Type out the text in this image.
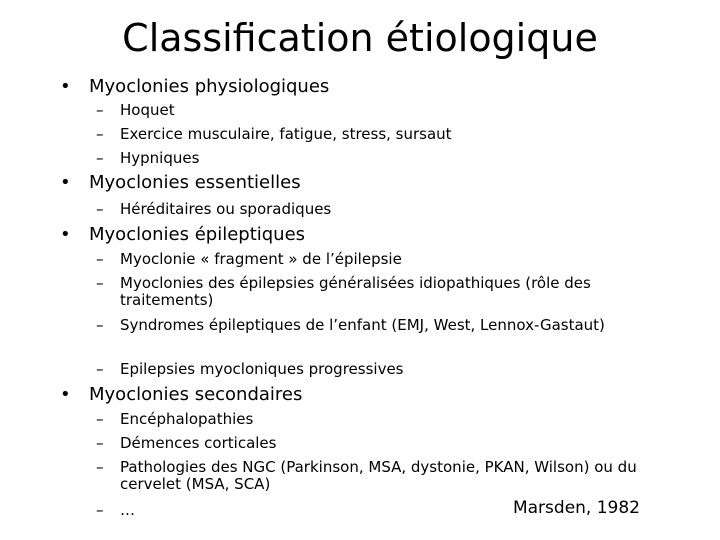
Classification étiologique
• Myoclonies physiologiques
– Hoquet
– Exercice musculaire, fatigue, stress, sursaut
– Hypniques
• Myoclonies essentielles
– Héréditaires ou sporadiques
• Myoclonies épileptiques
– Myoclonie « fragment » de l’épilepsie
– Myoclonies des épilepsies généralisées idiopathiques (rôle des traitements)
– Syndromes épileptiques de l’enfant (EMJ, West, Lennox-Gastaut)
– Epilepsies myocloniques progressives
• Myoclonies secondaires
– Encéphalopathies
– Démences corticales
– Pathologies des NGC (Parkinson, MSA, dystonie, PKAN, Wilson) ou du cervelet (MSA, SCA)
– …	Marsden, 1982
